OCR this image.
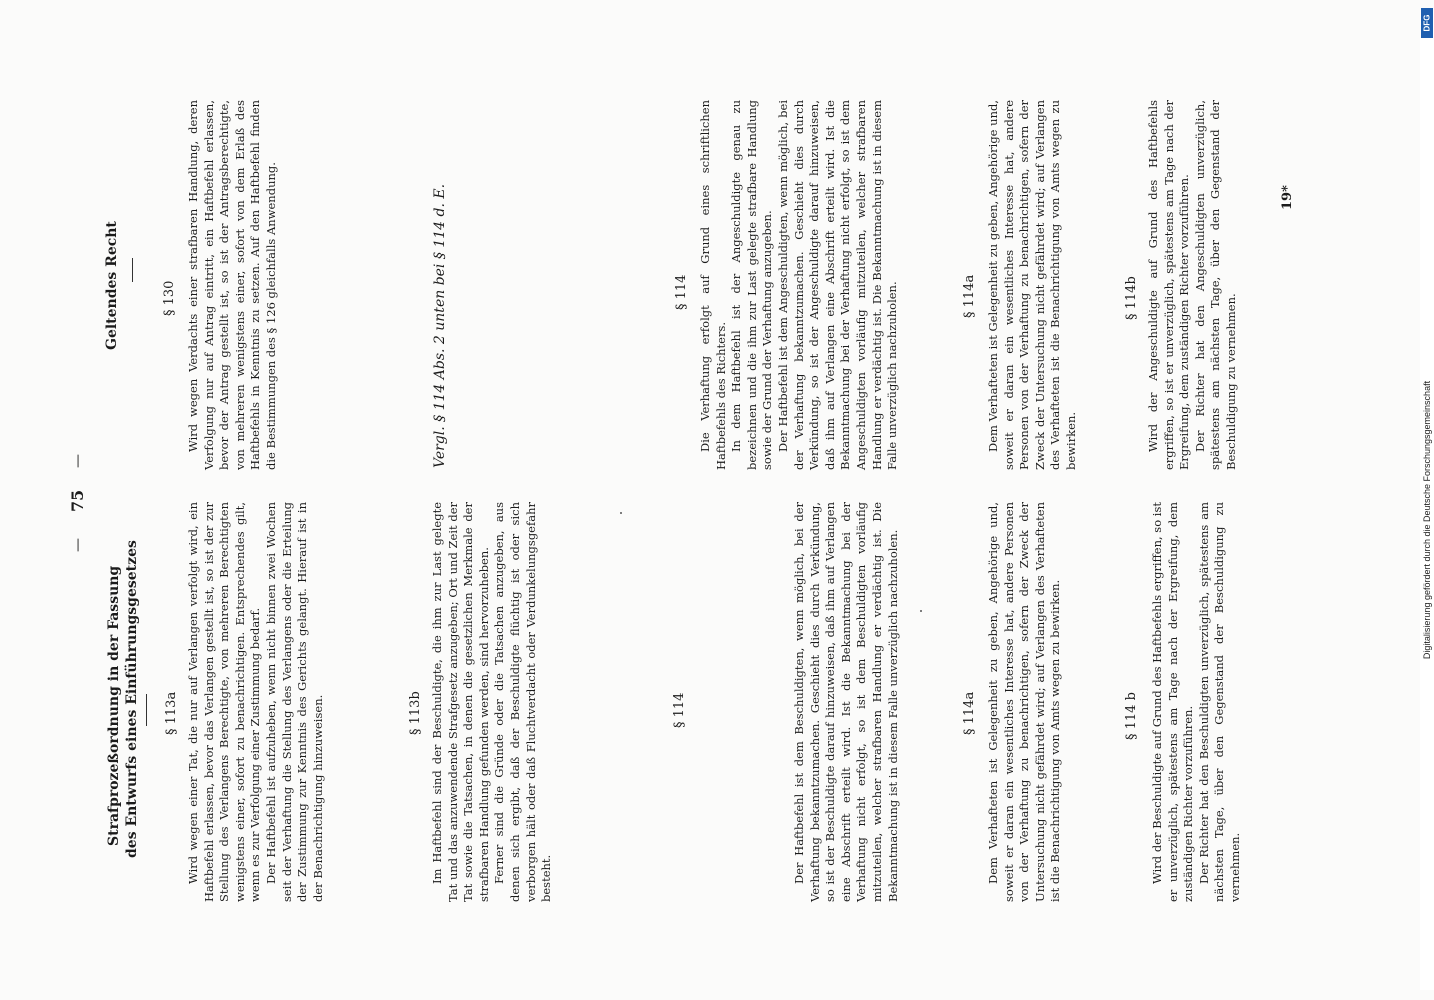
—
75
—
Strafprozeßordnung in der Fassung des Entwurfs eines Einführungsgesetzes § 113a Wird wegen einer Tat, die nur auf Verlangen verfolgt wird, ein Haftbefehl erlassen, bevor das Verlangen gestellt ist, so ist der zur Stellung des Verlangens Berechtigte, von mehreren Berechtigten wenigstens einer, sofort zu benachrichtigen. Entsprechendes gilt, wenn es zur Verfolgung einer Zustimmung bedarf. Der Haftbefehl ist aufzuheben, wenn nicht binnen zwei Wochen seit der Verhaftung die Stellung des Verlangens oder die Erteilung der Zustimmung zur Kenntnis des Gerichts gelangt. Hierauf ist in der Benachrichtigung hinzuweisen.	§ 113b Im Haftbefehl sind der Beschuldigte, die ihm zur Last gelegte Tat und das anzuwendende Strafgesetz anzugeben; Ort und Zeit der Tat sowie die Tatsachen, in denen die gesetzlichen Merkmale der strafbaren Handlung gefunden werden, sind hervorzuheben. Ferner sind die Gründe oder die Tatsachen anzugeben, aus denen sich ergibt, daß der Beschuldigte flüchtig ist oder sich verborgen hält oder daß Fluchtverdacht oder Verdunkelungsgefahr besteht.

§ 114	Der Haftbefehl ist dem Beschuldigten, wenn möglich, bei der Verhaftung bekanntzumachen. Geschieht dies durch Verkündung, so ist der Beschuldigte darauf hinzuweisen, daß ihm auf Verlangen eine Abschrift erteilt wird. Ist die Bekanntmachung bei der Verhaftung nicht erfolgt, so ist dem Beschuldigten vorläufig mitzuteilen, welcher strafbaren Handlung er verdächtig ist. Die Bekanntmachung ist in diesem Falle unverzüglich nachzuholen.	§ 114a Dem Verhafteten ist Gelegenheit zu geben, Angehörige und, soweit er daran ein wesentliches Interesse hat, andere Personen von der Verhaftung zu benachrichtigen, sofern der Zweck der Untersuchung nicht gefährdet wird; auf Verlangen des Verhafteten ist die Benachrichtigung von Amts wegen zu bewirken.	§ 114 b Wird der Beschuldigte auf Grund des Haftbefehls ergriffen, so ist er unverzüglich, spätestens am Tage nach der Ergreifung, dem zuständigen Richter vorzuführen. Der Richter hat den Beschuldigten unverzüglich, spätestens am nächsten Tage, über den Gegenstand der Beschuldigung zu vernehmen.

Geltendes Recht	§ 130 Wird wegen Verdachts einer strafbaren Handlung, deren Verfolgung nur auf Antrag eintritt, ein Haftbefehl erlassen, bevor der Antrag gestellt ist, so ist der Antragsberechtigte, von mehreren wenigstens einer, sofort von dem Erlaß des Haftbefehls in Kenntnis zu setzen. Auf den Haftbefehl finden die Bestimmungen des § 126 gleichfalls Anwendung.	Vergl. § 114 Abs. 2 unten bei § 114 d. E.	§ 114 Die Verhaftung erfolgt auf Grund eines schriftlichen Haftbefehls des Richters. In dem Haftbefehl ist der Angeschuldigte genau zu bezeichnen und die ihm zur Last gelegte strafbare Handlung sowie der Grund der Verhaftung anzugeben. Der Haftbefehl ist dem Angeschuldigten, wenn möglich, bei der Verhaftung bekanntzumachen. Geschieht dies durch Verkündung, so ist der Angeschuldigte darauf hinzuweisen, daß ihm auf Verlangen eine Abschrift erteilt wird. Ist die Bekanntmachung bei der Verhaftung nicht erfolgt, so ist dem Angeschuldigten vorläufig mitzuteilen, welcher strafbaren Handlung er verdächtig ist. Die Bekanntmachung ist in diesem Falle unverzüglich nachzuholen.	§ 114a Dem Verhafteten ist Gelegenheit zu geben, Angehörige und, soweit er daran ein wesentliches Interesse hat, andere Personen von der Verhaftung zu benachrichtigen, sofern der Zweck der Untersuchung nicht gefährdet wird; auf Verlangen des Verhafteten ist die Benachrichtigung von Amts wegen zu bewirken.

§ 114b Wird der Angeschuldigte auf Grund des Haftbefehls ergriffen, so ist er unverzüglich, spätestens am Tage nach der Ergreifung, dem zuständigen Richter vorzuführen. Der Richter hat den Angeschuldigten unverzüglich, spätestens am nächsten Tage, über den Gegenstand der Beschuldigung zu vernehmen.

19*
DFG
Digitalisierung gefördert durch die Deutsche Forschungsgemeinschaft
